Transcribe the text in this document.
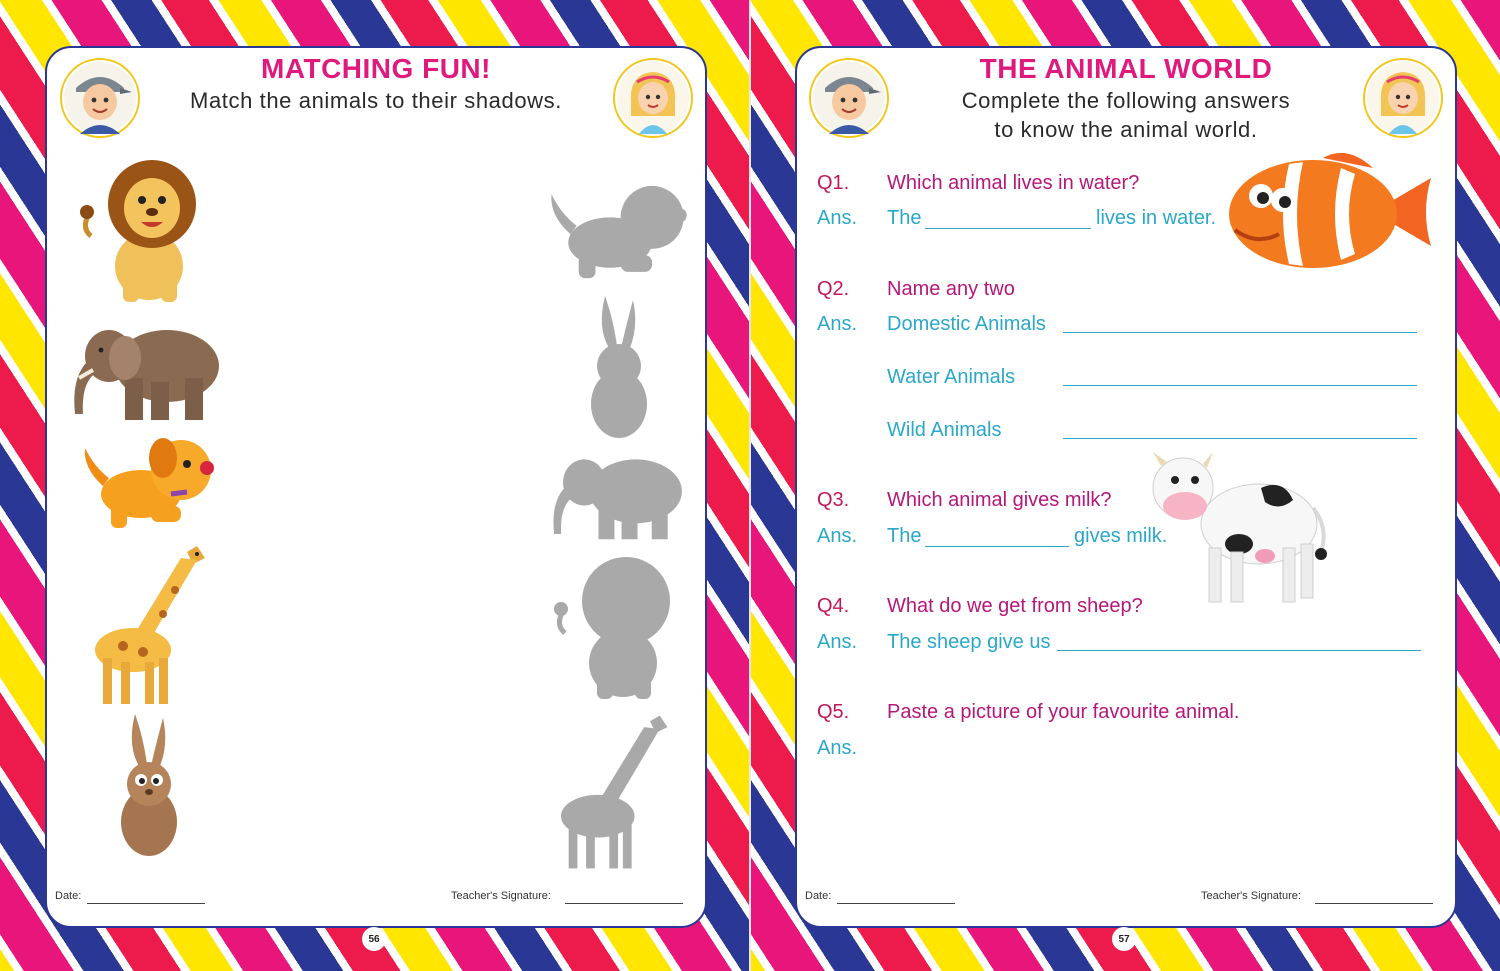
MATCHING FUN!
Match the animals to their shadows.
Date:	Teacher's Signature:
56
THE ANIMAL WORLD
Complete the following answers
to know the animal world.
Q1. Which animal lives in water?
Ans. The	lives in water.
Q2. Name any two
Ans. Domestic Animals
Water Animals
Wild Animals
Q3. Which animal gives milk?
Ans. The	gives milk.
Q4. What do we get from sheep?
Ans. The sheep give us
Q5. Paste a picture of your favourite animal.
Ans.
Date:	Teacher's Signature:
57
